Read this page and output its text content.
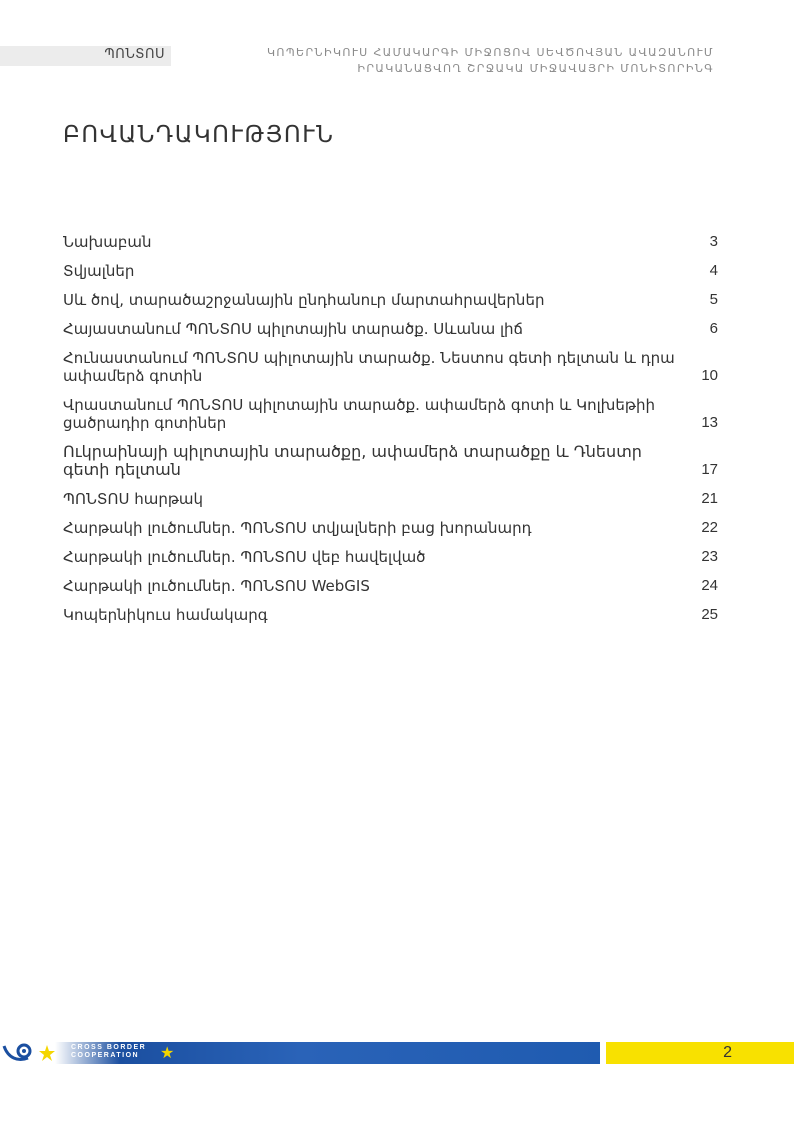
ՊՈՆՏՈՍ	ԿՈՊԵՐՆԻԿՈՒՍ ՀԱՄԱԿԱՐԳԻ ՄԻՋՈՑՈՎ ՍԵՎԾՈՎՅԱՆ ԱՎԱԶԱՆՈՒՄ
ԻՐԱԿԱՆԱՑՎՈՂ ՇՐՋԱԿԱ ՄԻՋԱՎԱՅՐԻ ՄՈՆԻՏՈՐԻՆԳ
ԲՈՎԱՆԴԱԿՈՒԹՅՈՒՆ
Նախաբան	3
Տվյալներ	4
Սև ծով, տարածաշրջանային ընդհանուր մարտահրավերներ	5
Հայաստանում ՊՈՆՏՈՍ պիլոտային տարածք. Սևանա լիճ	6
Հունաստանում ՊՈՆՏՈՍ պիլոտային տարածք. Նեստոս գետի դելտան և դրա ափամերձ գոտին	10
Վրաստանում ՊՈՆՏՈՍ պիլոտային տարածք. ափամերձ գոտի և Կոլխեթիի ցածրադիր գոտիներ	13
Ուկրաինայի պիլոտային տարածքը, ափամերձ տարածքը և Դնեստր գետի դելտան	17
ՊՈՆՏՈՍ հարթակ	21
Հարթակի լուծումներ. ՊՈՆՏՈՍ տվյալների բաց խորանարդ	22
Հարթակի լուծումներ. ՊՈՆՏՈՍ վեբ հավելված	23
Հարթակի լուծումներ. ՊՈՆՏՈՍ WebGIS	24
Կոպերնիկուս համակարգ	25
CROSS BORDER
COOPERATION	★	2
